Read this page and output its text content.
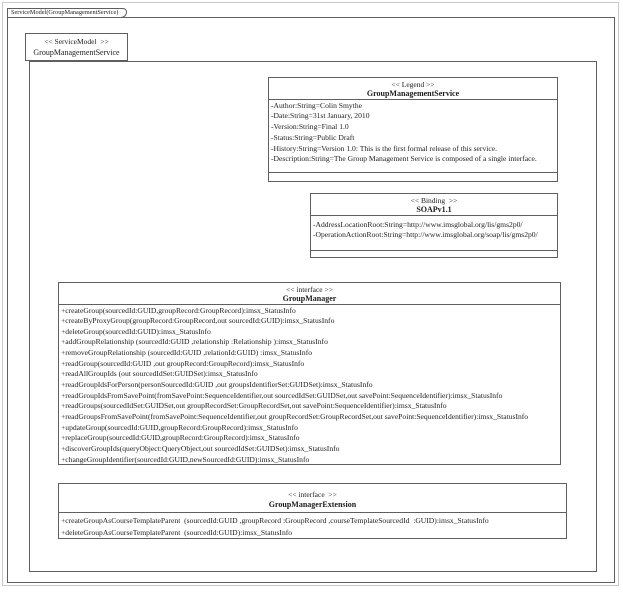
ServiceModel(GroupManagementService)
<< ServiceModel  >>
GroupManagementService
<< Legend >>
GroupManagementService
-Author:String=Colin Smythe
-Date:String=31st January, 2010
-Version:String=Final 1.0
-Status:String=Public Draft
-History:String=Version 1.0: This is the first formal release of this service.
-Description:String=The Group Management Service is composed of a single interface.
<< Binding  >>
SOAPv1.1
-AddressLocationRoot:String=http://www.imsglobal.org/lis/gms2p0/
-OperationActionRoot:String=http://www.imsglobal.org/soap/lis/gms2p0/
<< interface >>
GroupManager
+createGroup(sourcedId:GUID,groupRecord:GroupRecord):imsx_StatusInfo
+createByProxyGroup(groupRecord:GroupRecord,out sourcedId:GUID):imsx_StatusInfo
+deleteGroup(sourcedId:GUID):imsx_StatusInfo
+addGroupRelationship (sourcedId:GUID ,relationship :Relationship ):imsx_StatusInfo
+removeGroupRelationship (sourcedId:GUID ,relationId:GUID) :imsx_StatusInfo
+readGroup(sourcedId:GUID ,out groupRecord:GroupRecord):imsx_StatusInfo
+readAllGroupIds (out sourcedIdSet:GUIDSet):imsx_StatusInfo
+readGroupIdsForPerson(personSourcedId:GUID ,out groupsIdentifierSet:GUIDSet):imsx_StatusInfo
+readGroupIdsFromSavePoint(fromSavePoint:SequenceIdentifier,out sourcedIdSet:GUIDSet,out savePoint:SequenceIdentifier):imsx_StatusInfo
+readGroups(sourcedIdSet:GUIDSet,out groupRecordSet:GroupRecordSet,out savePoint:SequenceIdentifier):imsx_StatusInfo
+readGroupsFromSavePoint(fromSavePoint:SequenceIdentifier,out groupRecordSet:GroupRecordSet,out savePoint:SequenceIdentifier):imsx_StatusInfo
+updateGroup(sourcedId:GUID,groupRecord:GroupRecord):imsx_StatusInfo
+replaceGroup(sourcedId:GUID,groupRecord:GroupRecord):imsx_StatusInfo
+discoverGroupIds(queryObject:QueryObject,out sourcedIdSet:GUIDSet):imsx_StatusInfo
+changeGroupIdentifier(sourcedId:GUID,newSourcedId:GUID):imsx_StatusInfo
<< interface  >>
GroupManagerExtension
+createGroupAsCourseTemplateParent  (sourcedId:GUID ,groupRecord :GroupRecord ,courseTemplateSourcedId  :GUID):imsx_StatusInfo
+deleteGroupAsCourseTemplateParent  (sourcedId:GUID):imsx_StatusInfo
